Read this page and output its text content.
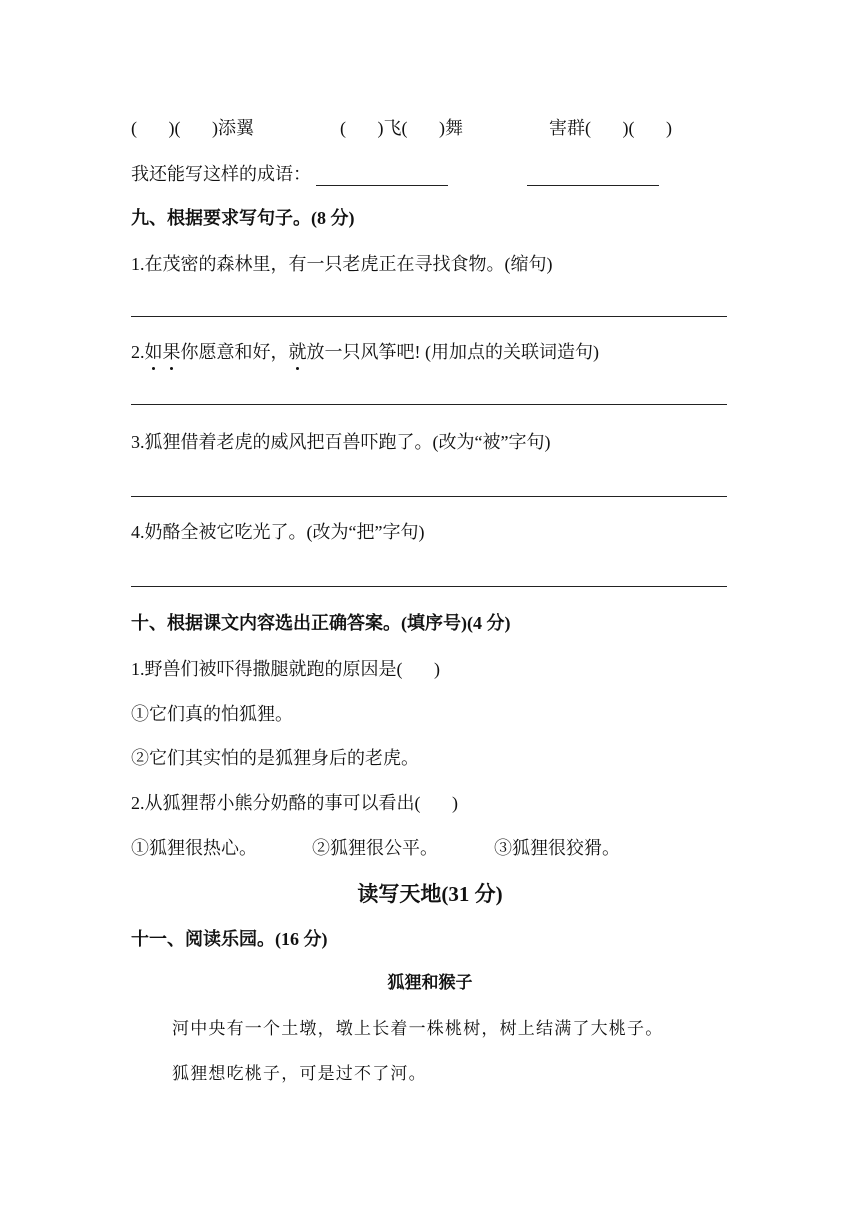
(       )(       )添翼	(       )飞(       )舞	害群(       )(       )
我还能写这样的成语：
九、根据要求写句子。(8 分)
1.在茂密的森林里，有一只老虎正在寻找食物。(缩句)
2.如果你愿意和好，就放一只风筝吧! (用加点的关联词造句)
3.狐狸借着老虎的威风把百兽吓跑了。(改为“被”字句)
4.奶酪全被它吃光了。(改为“把”字句)
十、根据课文内容选出正确答案。(填序号)(4 分)
1.野兽们被吓得撒腿就跑的原因是(       )
①它们真的怕狐狸。
②它们其实怕的是狐狸身后的老虎。
2.从狐狸帮小熊分奶酪的事可以看出(       )
①狐狸很热心。	②狐狸很公平。	③狐狸很狡猾。
读写天地(31 分)
十一、阅读乐园。(16 分)
狐狸和猴子
河中央有一个土墩，墩上长着一株桃树，树上结满了大桃子。
狐狸想吃桃子，可是过不了河。
